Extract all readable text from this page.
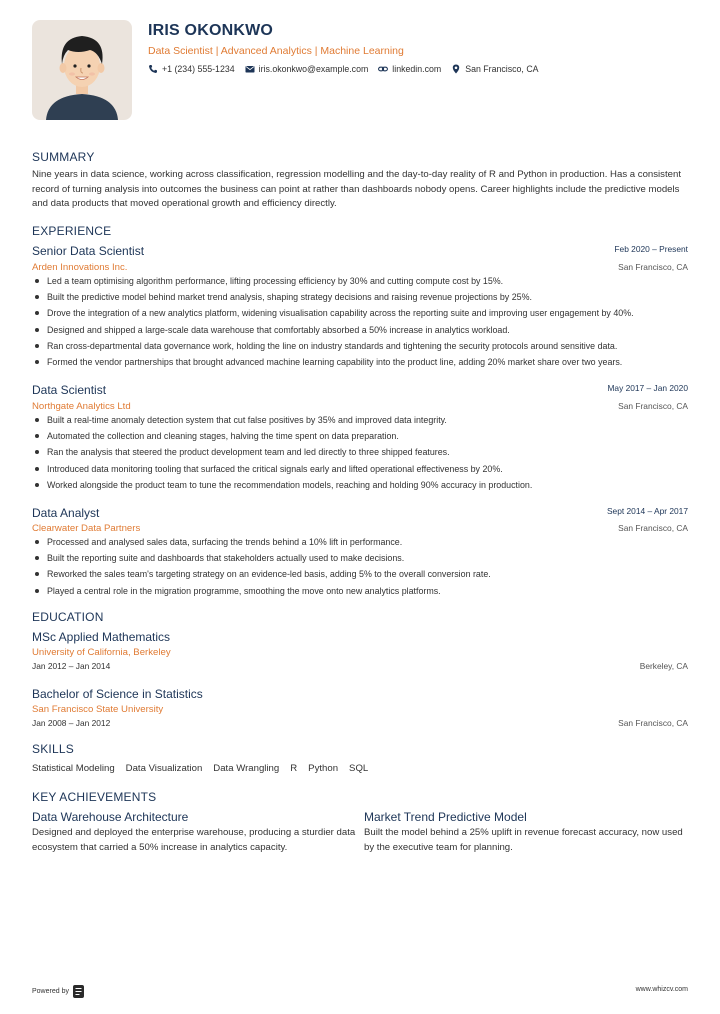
IRIS OKONKWO
Data Scientist | Advanced Analytics | Machine Learning
+1 (234) 555-1234	iris.okonkwo@example.com	linkedin.com	San Francisco, CA
SUMMARY
Nine years in data science, working across classification, regression modelling and the day-to-day reality of R and Python in production. Has a consistent record of turning analysis into outcomes the business can point at rather than dashboards nobody opens. Career highlights include the predictive models and data products that moved operational growth and efficiency directly.
EXPERIENCE
Senior Data Scientist	Feb 2020 – Present
Arden Innovations Inc.	San Francisco, CA
Led a team optimising algorithm performance, lifting processing efficiency by 30% and cutting compute cost by 15%.
Built the predictive model behind market trend analysis, shaping strategy decisions and raising revenue projections by 25%.
Drove the integration of a new analytics platform, widening visualisation capability across the reporting suite and improving user engagement by 40%.
Designed and shipped a large-scale data warehouse that comfortably absorbed a 50% increase in analytics workload.
Ran cross-departmental data governance work, holding the line on industry standards and tightening the security protocols around sensitive data.
Formed the vendor partnerships that brought advanced machine learning capability into the product line, adding 20% market share over two years.
Data Scientist	May 2017 – Jan 2020
Northgate Analytics Ltd	San Francisco, CA
Built a real-time anomaly detection system that cut false positives by 35% and improved data integrity.
Automated the collection and cleaning stages, halving the time spent on data preparation.
Ran the analysis that steered the product development team and led directly to three shipped features.
Introduced data monitoring tooling that surfaced the critical signals early and lifted operational effectiveness by 20%.
Worked alongside the product team to tune the recommendation models, reaching and holding 90% accuracy in production.
Data Analyst	Sept 2014 – Apr 2017
Clearwater Data Partners	San Francisco, CA
Processed and analysed sales data, surfacing the trends behind a 10% lift in performance.
Built the reporting suite and dashboards that stakeholders actually used to make decisions.
Reworked the sales team's targeting strategy on an evidence-led basis, adding 5% to the overall conversion rate.
Played a central role in the migration programme, smoothing the move onto new analytics platforms.
EDUCATION
MSc Applied Mathematics
University of California, Berkeley
Jan 2012 – Jan 2014	Berkeley, CA
Bachelor of Science in Statistics
San Francisco State University
Jan 2008 – Jan 2012	San Francisco, CA
SKILLS
Statistical Modeling Data Visualization Data Wrangling R Python SQL
KEY ACHIEVEMENTS
Data Warehouse Architecture
Designed and deployed the enterprise warehouse, producing a sturdier data ecosystem that carried a 50% increase in analytics capacity.
Market Trend Predictive Model
Built the model behind a 25% uplift in revenue forecast accuracy, now used by the executive team for planning.
Powered by	www.whizcv.com
